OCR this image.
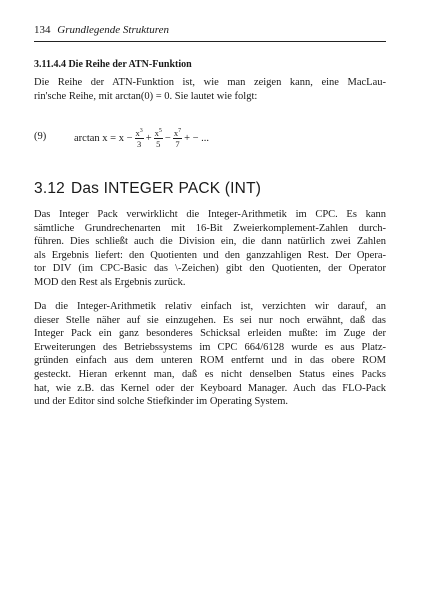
134 Grundlegende Strukturen
3.11.4.4 Die Reihe der ATN-Funktion

Die Reihe der ATN-Funktion ist, wie man zeigen kann, eine MacLau-
rin'sche Reihe, mit arctan(0) = 0. Sie lautet wie folgt:

(9)	$\arctan x = x - \frac{x^3}{3} + \frac{x^5}{5} - \frac{x^7}{7}$ + − ...
3.12 Das INTEGER PACK (INT)

Das Integer Pack verwirklicht die Integer-Arithmetik im CPC. Es kann
sämtliche Grundrechenarten mit 16-Bit Zweierkomplement-Zahlen durch-
führen. Dies schließt auch die Division ein, die dann natürlich zwei Zahlen
als Ergebnis liefert: den Quotienten und den ganzzahligen Rest. Der Opera-
tor DIV (im CPC-Basic das \-Zeichen) gibt den Quotienten, der Operator
MOD den Rest als Ergebnis zurück.

Da die Integer-Arithmetik relativ einfach ist, verzichten wir darauf, an
dieser Stelle näher auf sie einzugehen. Es sei nur noch erwähnt, daß das
Integer Pack ein ganz besonderes Schicksal erleiden mußte: im Zuge der
Erweiterungen des Betriebssystems im CPC 664/6128 wurde es aus Platz-
gründen einfach aus dem unteren ROM entfernt und in das obere ROM
gesteckt. Hieran erkennt man, daß es nicht denselben Status eines Packs
hat, wie z.B. das Kernel oder der Keyboard Manager. Auch das FLO-Pack
und der Editor sind solche Stiefkinder im Operating System.
